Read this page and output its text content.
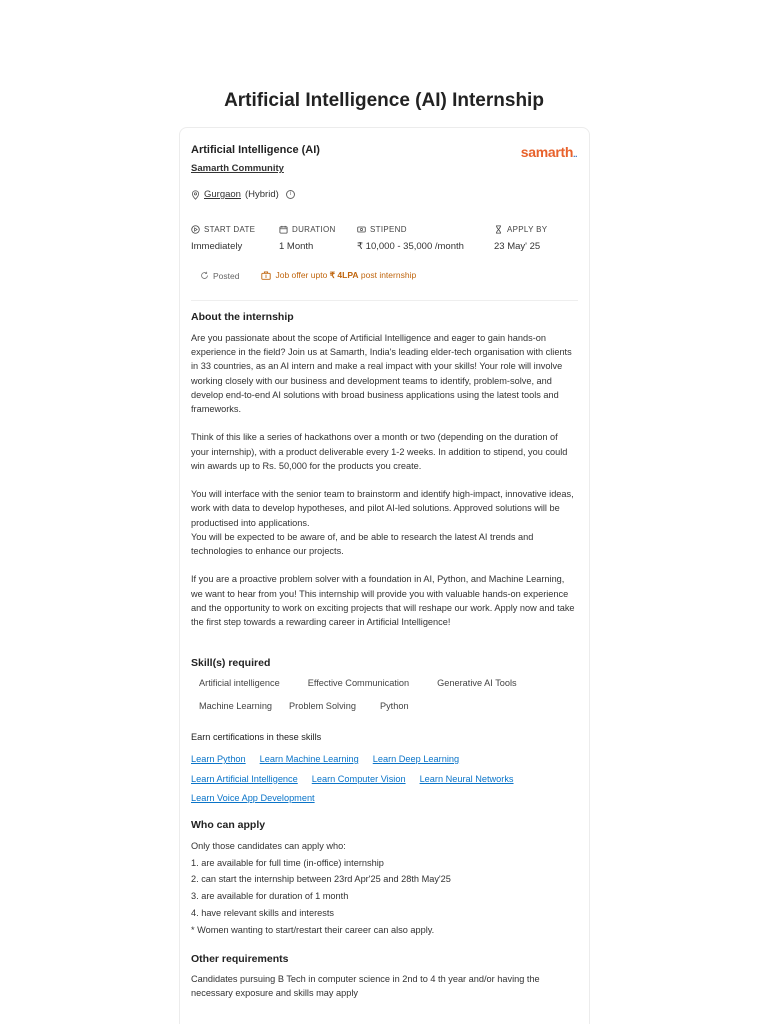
Artificial Intelligence (AI) Internship
Artificial Intelligence (AI)
Samarth Community
samarth..
Gurgaon (Hybrid)	i
START DATE
Immediately
DURATION
1 Month
STIPEND
₹ 10,000 - 35,000 /month
APPLY BY
23 May' 25
Posted	Job offer upto ₹ 4LPA post internship
About the internship

Are you passionate about the scope of Artificial Intelligence and eager to gain hands-on experience in the field? Join us at Samarth, India's leading elder-tech organisation with clients in 33 countries, as an AI intern and make a real impact with your skills! Your role will involve working closely with our business and development teams to identify, problem-solve, and develop end-to-end AI solutions with broad business applications using the latest tools and frameworks.

Think of this like a series of hackathons over a month or two (depending on the duration of your internship), with a product deliverable every 1-2 weeks. In addition to stipend, you could win awards up to Rs. 50,000 for the products you create.

You will interface with the senior team to brainstorm and identify high-impact, innovative ideas, work with data to develop hypotheses, and pilot AI-led solutions. Approved solutions will be productised into applications.

You will be expected to be aware of, and be able to research the latest AI trends and technologies to enhance our projects.

If you are a proactive problem solver with a foundation in AI, Python, and Machine Learning, we want to hear from you! This internship will provide you with valuable hands-on experience and the opportunity to work on exciting projects that will reshape our work. Apply now and take the first step towards a rewarding career in Artificial Intelligence!

Skill(s) required
Artificial intelligence	Effective Communication	Generative AI Tools
Machine Learning	Problem Solving	Python
Earn certifications in these skills
Learn Python Learn Machine Learning Learn Deep Learning
Learn Artificial Intelligence Learn Computer Vision Learn Neural Networks
Learn Voice App Development
Who can apply
Only those candidates can apply who:
1. are available for full time (in-office) internship
2. can start the internship between 23rd Apr'25 and 28th May'25
3. are available for duration of 1 month
4. have relevant skills and interests
* Women wanting to start/restart their career can also apply.
Other requirements
Candidates pursuing B Tech in computer science in 2nd to 4 th year and/or having the necessary exposure and skills may apply
